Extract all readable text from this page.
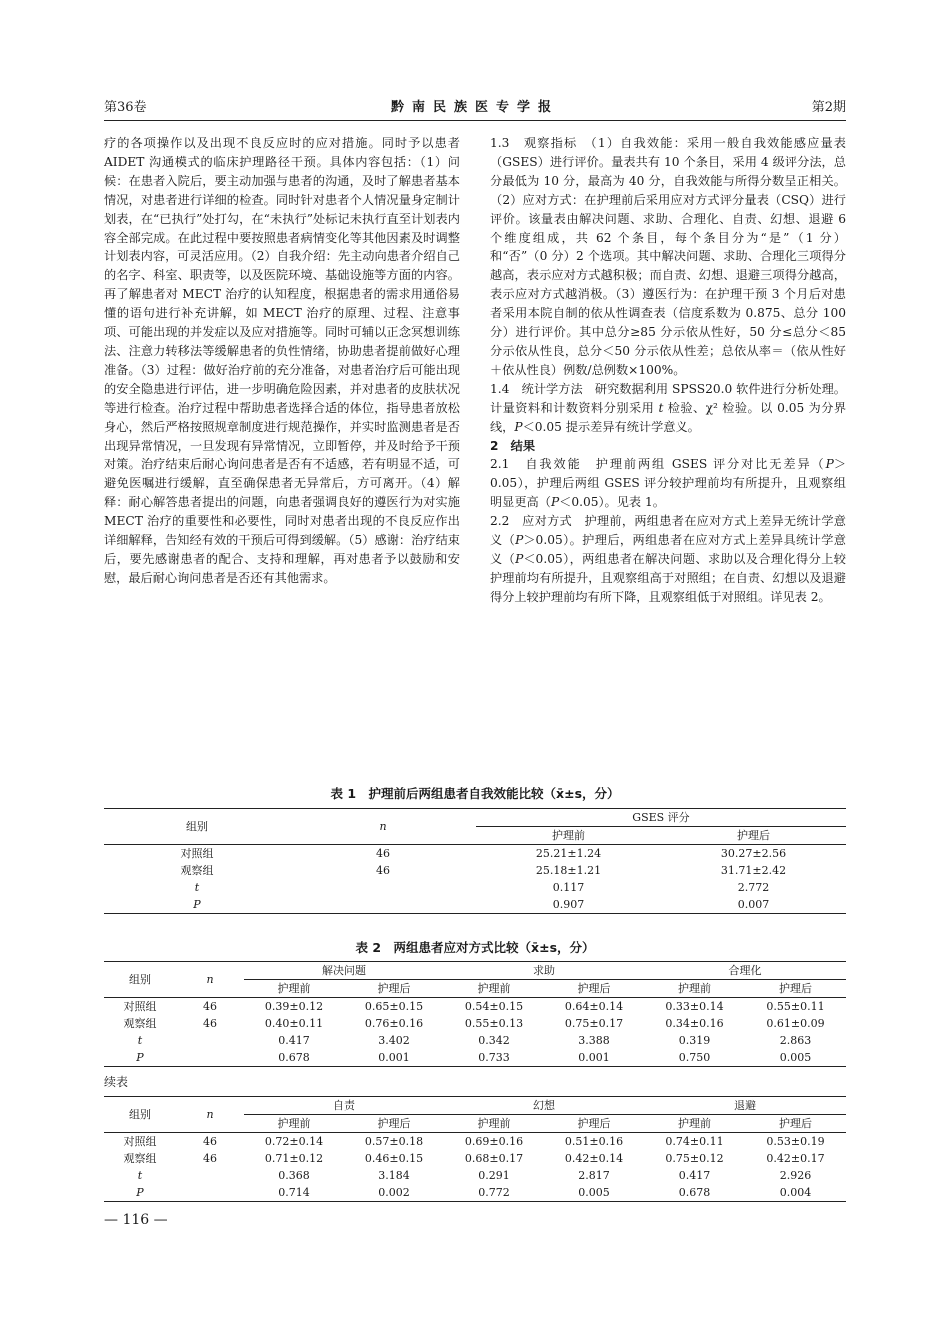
第36卷	黔南民族医专学报	第2期

疗的各项操作以及出现不良反应时的应对措施。同时予以患者 AIDET 沟通模式的临床护理路径干预。具体内容包括：（1）问候：在患者入院后，要主动加强与患者的沟通，及时了解患者基本情况，对患者进行详细的检查。同时针对患者个人情况量身定制计划表，在“已执行”处打勾，在“未执行”处标记未执行直至计划表内容全部完成。在此过程中要按照患者病情变化等其他因素及时调整计划表内容，可灵活应用。（2）自我介绍：先主动向患者介绍自己的名字、科室、职责等，以及医院环境、基础设施等方面的内容。再了解患者对 MECT 治疗的认知程度，根据患者的需求用通俗易懂的语句进行补充讲解，如 MECT 治疗的原理、过程、注意事项、可能出现的并发症以及应对措施等。同时可辅以正念冥想训练法、注意力转移法等缓解患者的负性情绪，协助患者提前做好心理准备。（3）过程：做好治疗前的充分准备，对患者治疗后可能出现的安全隐患进行评估，进一步明确危险因素，并对患者的皮肤状况等进行检查。治疗过程中帮助患者选择合适的体位，指导患者放松身心，然后严格按照规章制度进行规范操作，并实时监测患者是否出现异常情况，一旦发现有异常情况，立即暂停，并及时给予干预对策。治疗结束后耐心询问患者是否有不适感，若有明显不适，可避免医嘱进行缓解，直至确保患者无异常后，方可离开。（4）解释：耐心解答患者提出的问题，向患者强调良好的遵医行为对实施 MECT 治疗的重要性和必要性，同时对患者出现的不良反应作出详细解释，告知经有效的干预后可得到缓解。（5）感谢：治疗结束后，要先感谢患者的配合、支持和理解，再对患者予以鼓励和安慰，最后耐心询问患者是否还有其他需求。

1.3　观察指标　（1）自我效能：采用一般自我效能感应量表（GSES）进行评价。量表共有 10 个条目，采用 4 级评分法，总分最低为 10 分，最高为 40 分，自我效能与所得分数呈正相关。（2）应对方式：在护理前后采用应对方式评分量表（CSQ）进行评价。该量表由解决问题、求助、合理化、自责、幻想、退避 6 个维度组成，共 62 个条目，每个条目分为“是”（1 分）和“否”（0 分）2 个选项。其中解决问题、求助、合理化三项得分越高，表示应对方式越积极；而自责、幻想、退避三项得分越高，表示应对方式越消极。（3）遵医行为：在护理干预 3 个月后对患者采用本院自制的依从性调查表（信度系数为 0.875、总分 100 分）进行评价。其中总分≥85 分示依从性好，50 分≤总分＜85 分示依从性良，总分＜50 分示依从性差；总依从率＝（依从性好＋依从性良）例数/总例数×100%。

1.4　统计学方法　研究数据利用 SPSS20.0 软件进行分析处理。计量资料和计数资料分别采用 t 检验、χ² 检验。以 0.05 为分界线，P＜0.05 提示差异有统计学意义。

2　结果

2.1　自我效能　护理前两组 GSES 评分对比无差异（P＞0.05），护理后两组 GSES 评分较护理前均有所提升，且观察组明显更高（P＜0.05）。见表 1。

2.2　应对方式　护理前，两组患者在应对方式上差异无统计学意义（P＞0.05）。护理后，两组患者在应对方式上差异具统计学意义（P＜0.05），两组患者在解决问题、求助以及合理化得分上较护理前均有所提升，且观察组高于对照组；在自责、幻想以及退避得分上较护理前均有所下降，且观察组低于对照组。详见表 2。

表 1　护理前后两组患者自我效能比较（x̄±s，分）
组别	n	GSES 评分	
		护理前	护理后
对照组	46	25.21±1.24	30.27±2.56
观察组	46	25.18±1.21	31.71±2.42
t		0.117	2.772
P		0.907	0.007
表 2　两组患者应对方式比较（x̄±s，分）
组别	n	解决问题		求助		合理化	
		护理前	护理后	护理前	护理后	护理前	护理后
对照组	46	0.39±0.12	0.65±0.15	0.54±0.15	0.64±0.14	0.33±0.14	0.55±0.11
观察组	46	0.40±0.11	0.76±0.16	0.55±0.13	0.75±0.17	0.34±0.16	0.61±0.09
t		0.417	3.402	0.342	3.388	0.319	2.863
P		0.678	0.001	0.733	0.001	0.750	0.005
续表
组别	n	自责		幻想		退避	
		护理前	护理后	护理前	护理后	护理前	护理后
对照组	46	0.72±0.14	0.57±0.18	0.69±0.16	0.51±0.16	0.74±0.11	0.53±0.19
观察组	46	0.71±0.12	0.46±0.15	0.68±0.17	0.42±0.14	0.75±0.12	0.42±0.17
t		0.368	3.184	0.291	2.817	0.417	2.926
P		0.714	0.002	0.772	0.005	0.678	0.004
— 116 —
